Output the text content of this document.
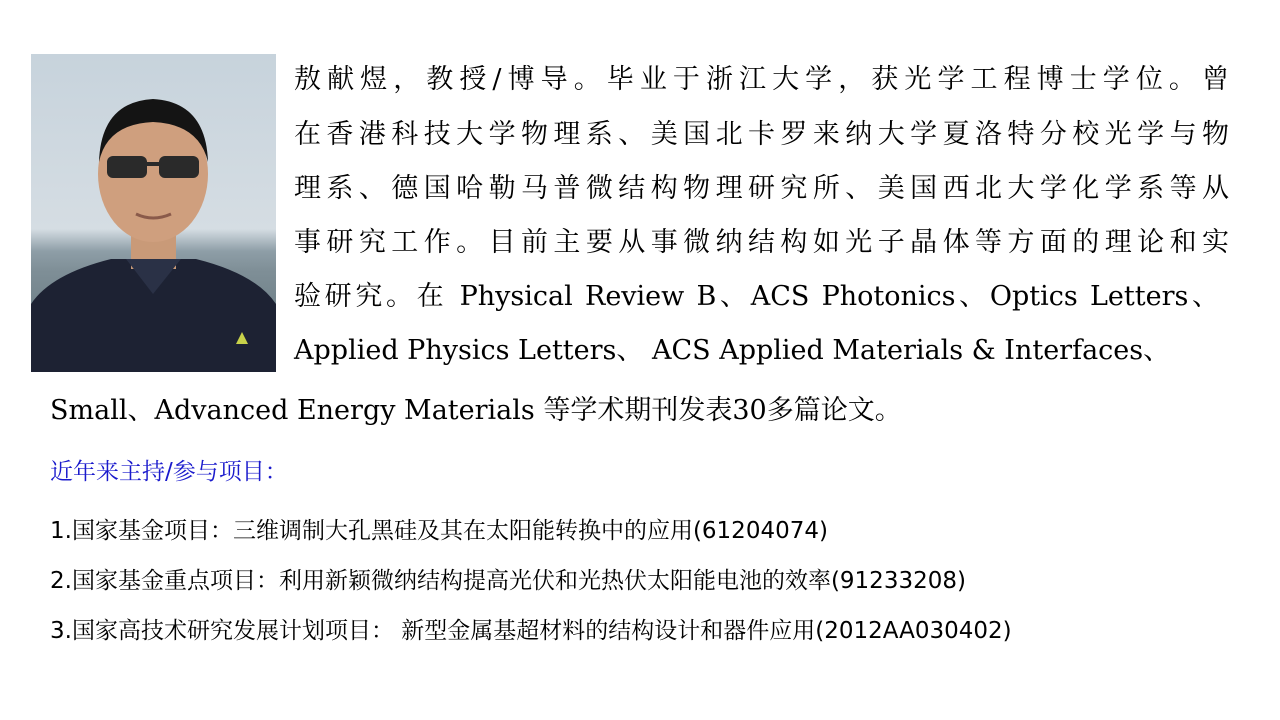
敖献煜，教授/博导。毕业于浙江大学，获光学工程博士学位。曾
在香港科技大学物理系、美国北卡罗来纳大学夏洛特分校光学与物
理系、德国哈勒马普微结构物理研究所、美国西北大学化学系等从
事研究工作。目前主要从事微纳结构如光子晶体等方面的理论和实
验研究。在 Physical Review B、ACS Photonics、Optics Letters、
Applied Physics Letters、 ACS Applied Materials & Interfaces、
Small、Advanced Energy Materials 等学术期刊发表30多篇论文。
近年来主持/参与项目：
1.国家基金项目：三维调制大孔黑硅及其在太阳能转换中的应用(61204074)
2.国家基金重点项目：利用新颖微纳结构提高光伏和光热伏太阳能电池的效率(91233208)
3.国家高技术研究发展计划项目： 新型金属基超材料的结构设计和器件应用(2012AA030402)
